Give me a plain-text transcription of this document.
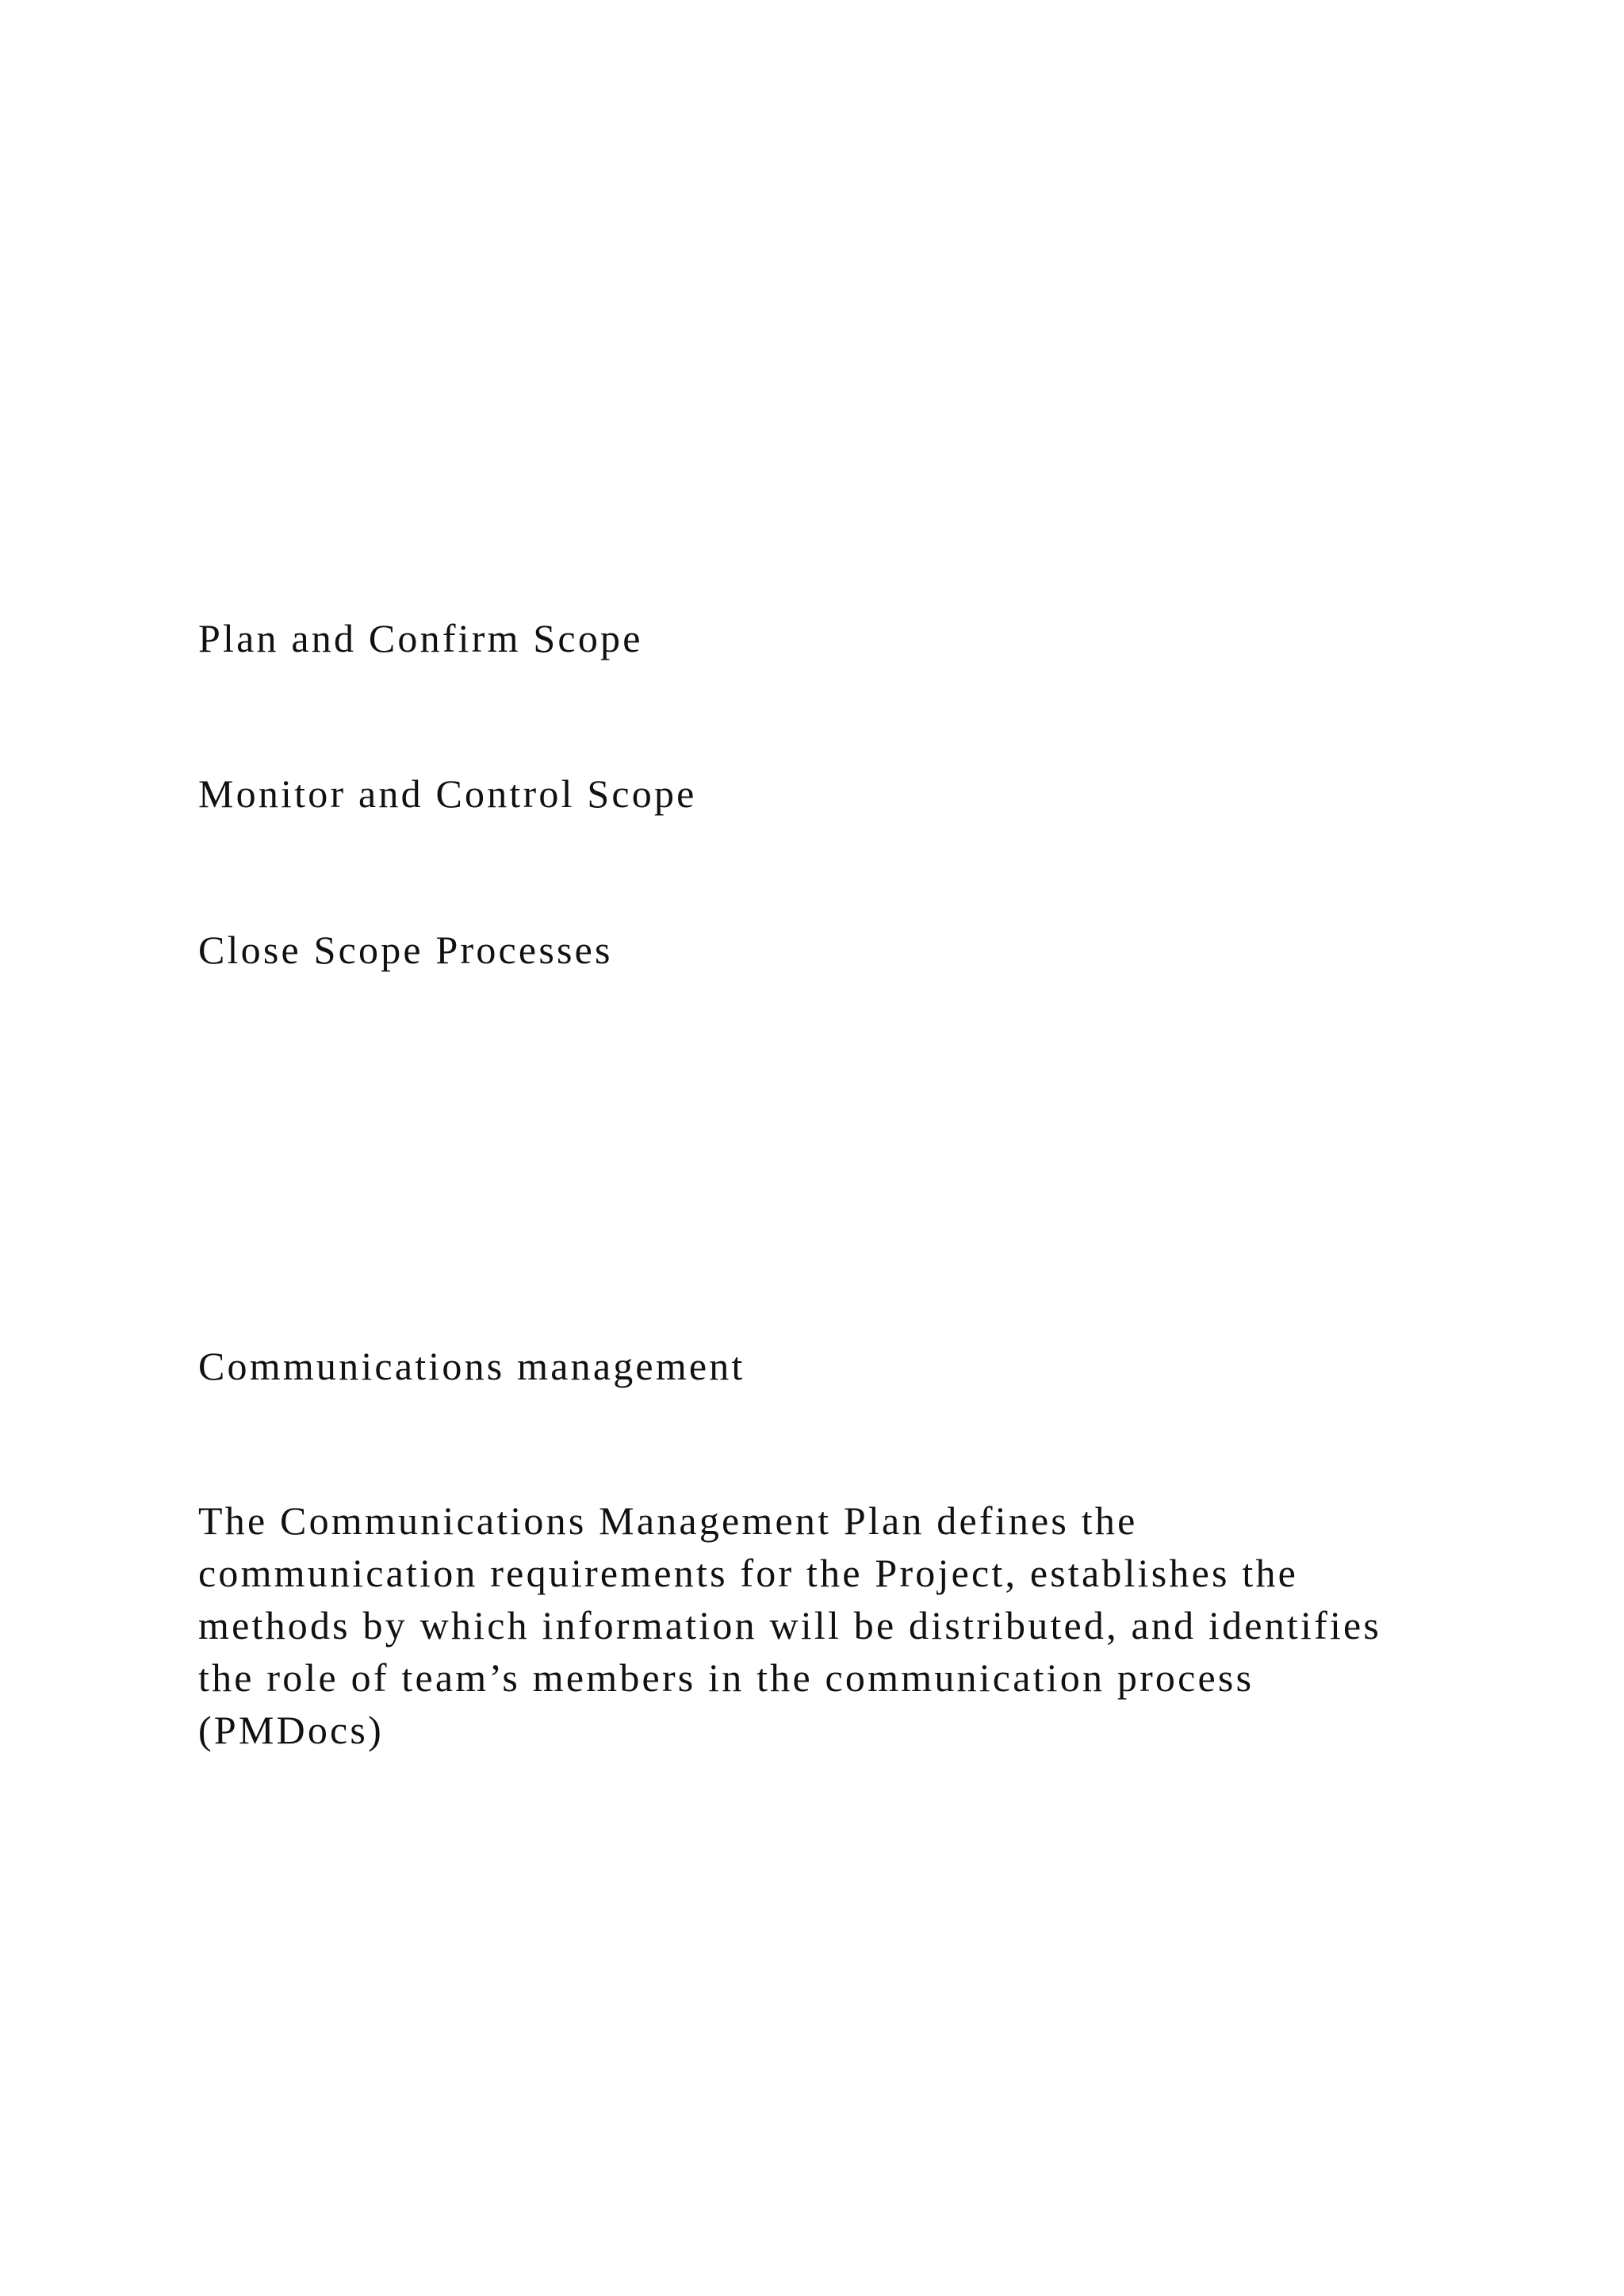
Plan and Confirm Scope

Monitor and Control Scope

Close Scope Processes

Communications management

The Communications Management Plan defines the
communication requirements for the Project, establishes the
methods by which information will be distributed, and identifies
the role of team’s members in the communication process
(PMDocs)
